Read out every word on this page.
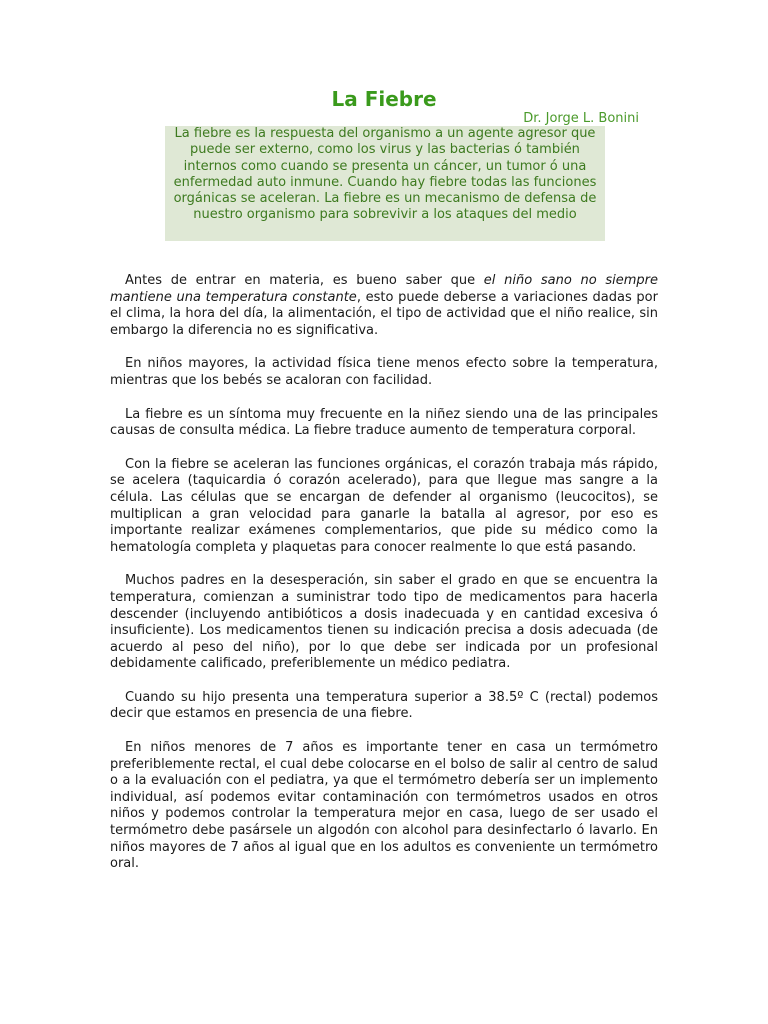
La Fiebre
Dr. Jorge L. Bonini
La fiebre es la respuesta del organismo a un agente agresor que puede ser externo, como los virus y las bacterias ó también internos como cuando se presenta un cáncer, un tumor ó una enfermedad auto inmune. Cuando hay fiebre todas las funciones orgánicas se aceleran. La fiebre es un mecanismo de defensa de nuestro organismo para sobrevivir a los ataques del medio

Antes de entrar en materia, es bueno saber que el niño sano no siempre mantiene una temperatura constante, esto puede deberse a variaciones dadas por el clima, la hora del día, la alimentación, el tipo de actividad que el niño realice, sin embargo la diferencia no es significativa.

En niños mayores, la actividad física tiene menos efecto sobre la temperatura, mientras que los bebés se acaloran con facilidad.

La fiebre es un síntoma muy frecuente en la niñez siendo una de las principales causas de consulta médica. La fiebre traduce aumento de temperatura corporal.

Con la fiebre se aceleran las funciones orgánicas, el corazón trabaja más rápido, se acelera (taquicardia ó corazón acelerado), para que llegue mas sangre a la célula. Las células que se encargan de defender al organismo (leucocitos), se multiplican a gran velocidad para ganarle la batalla al agresor, por eso es importante realizar exámenes complementarios, que pide su médico como la hematología completa y plaquetas para conocer realmente lo que está pasando.

Muchos padres en la desesperación, sin saber el grado en que se encuentra la temperatura, comienzan a suministrar todo tipo de medicamentos para hacerla descender (incluyendo antibióticos a dosis inadecuada y en cantidad excesiva ó insuficiente). Los medicamentos tienen su indicación precisa a dosis adecuada (de acuerdo al peso del niño), por lo que debe ser indicada por un profesional debidamente calificado, preferiblemente un médico pediatra.

Cuando su hijo presenta una temperatura superior a 38.5º C (rectal) podemos decir que estamos en presencia de una fiebre.

En niños menores de 7 años es importante tener en casa un termómetro preferiblemente rectal, el cual debe colocarse en el bolso de salir al centro de salud o a la evaluación con el pediatra, ya que el termómetro debería ser un implemento individual, así podemos evitar contaminación con termómetros usados en otros niños y podemos controlar la temperatura mejor en casa, luego de ser usado el termómetro debe pasársele un algodón con alcohol para desinfectarlo ó lavarlo. En niños mayores de 7 años al igual que en los adultos es conveniente un termómetro oral.
